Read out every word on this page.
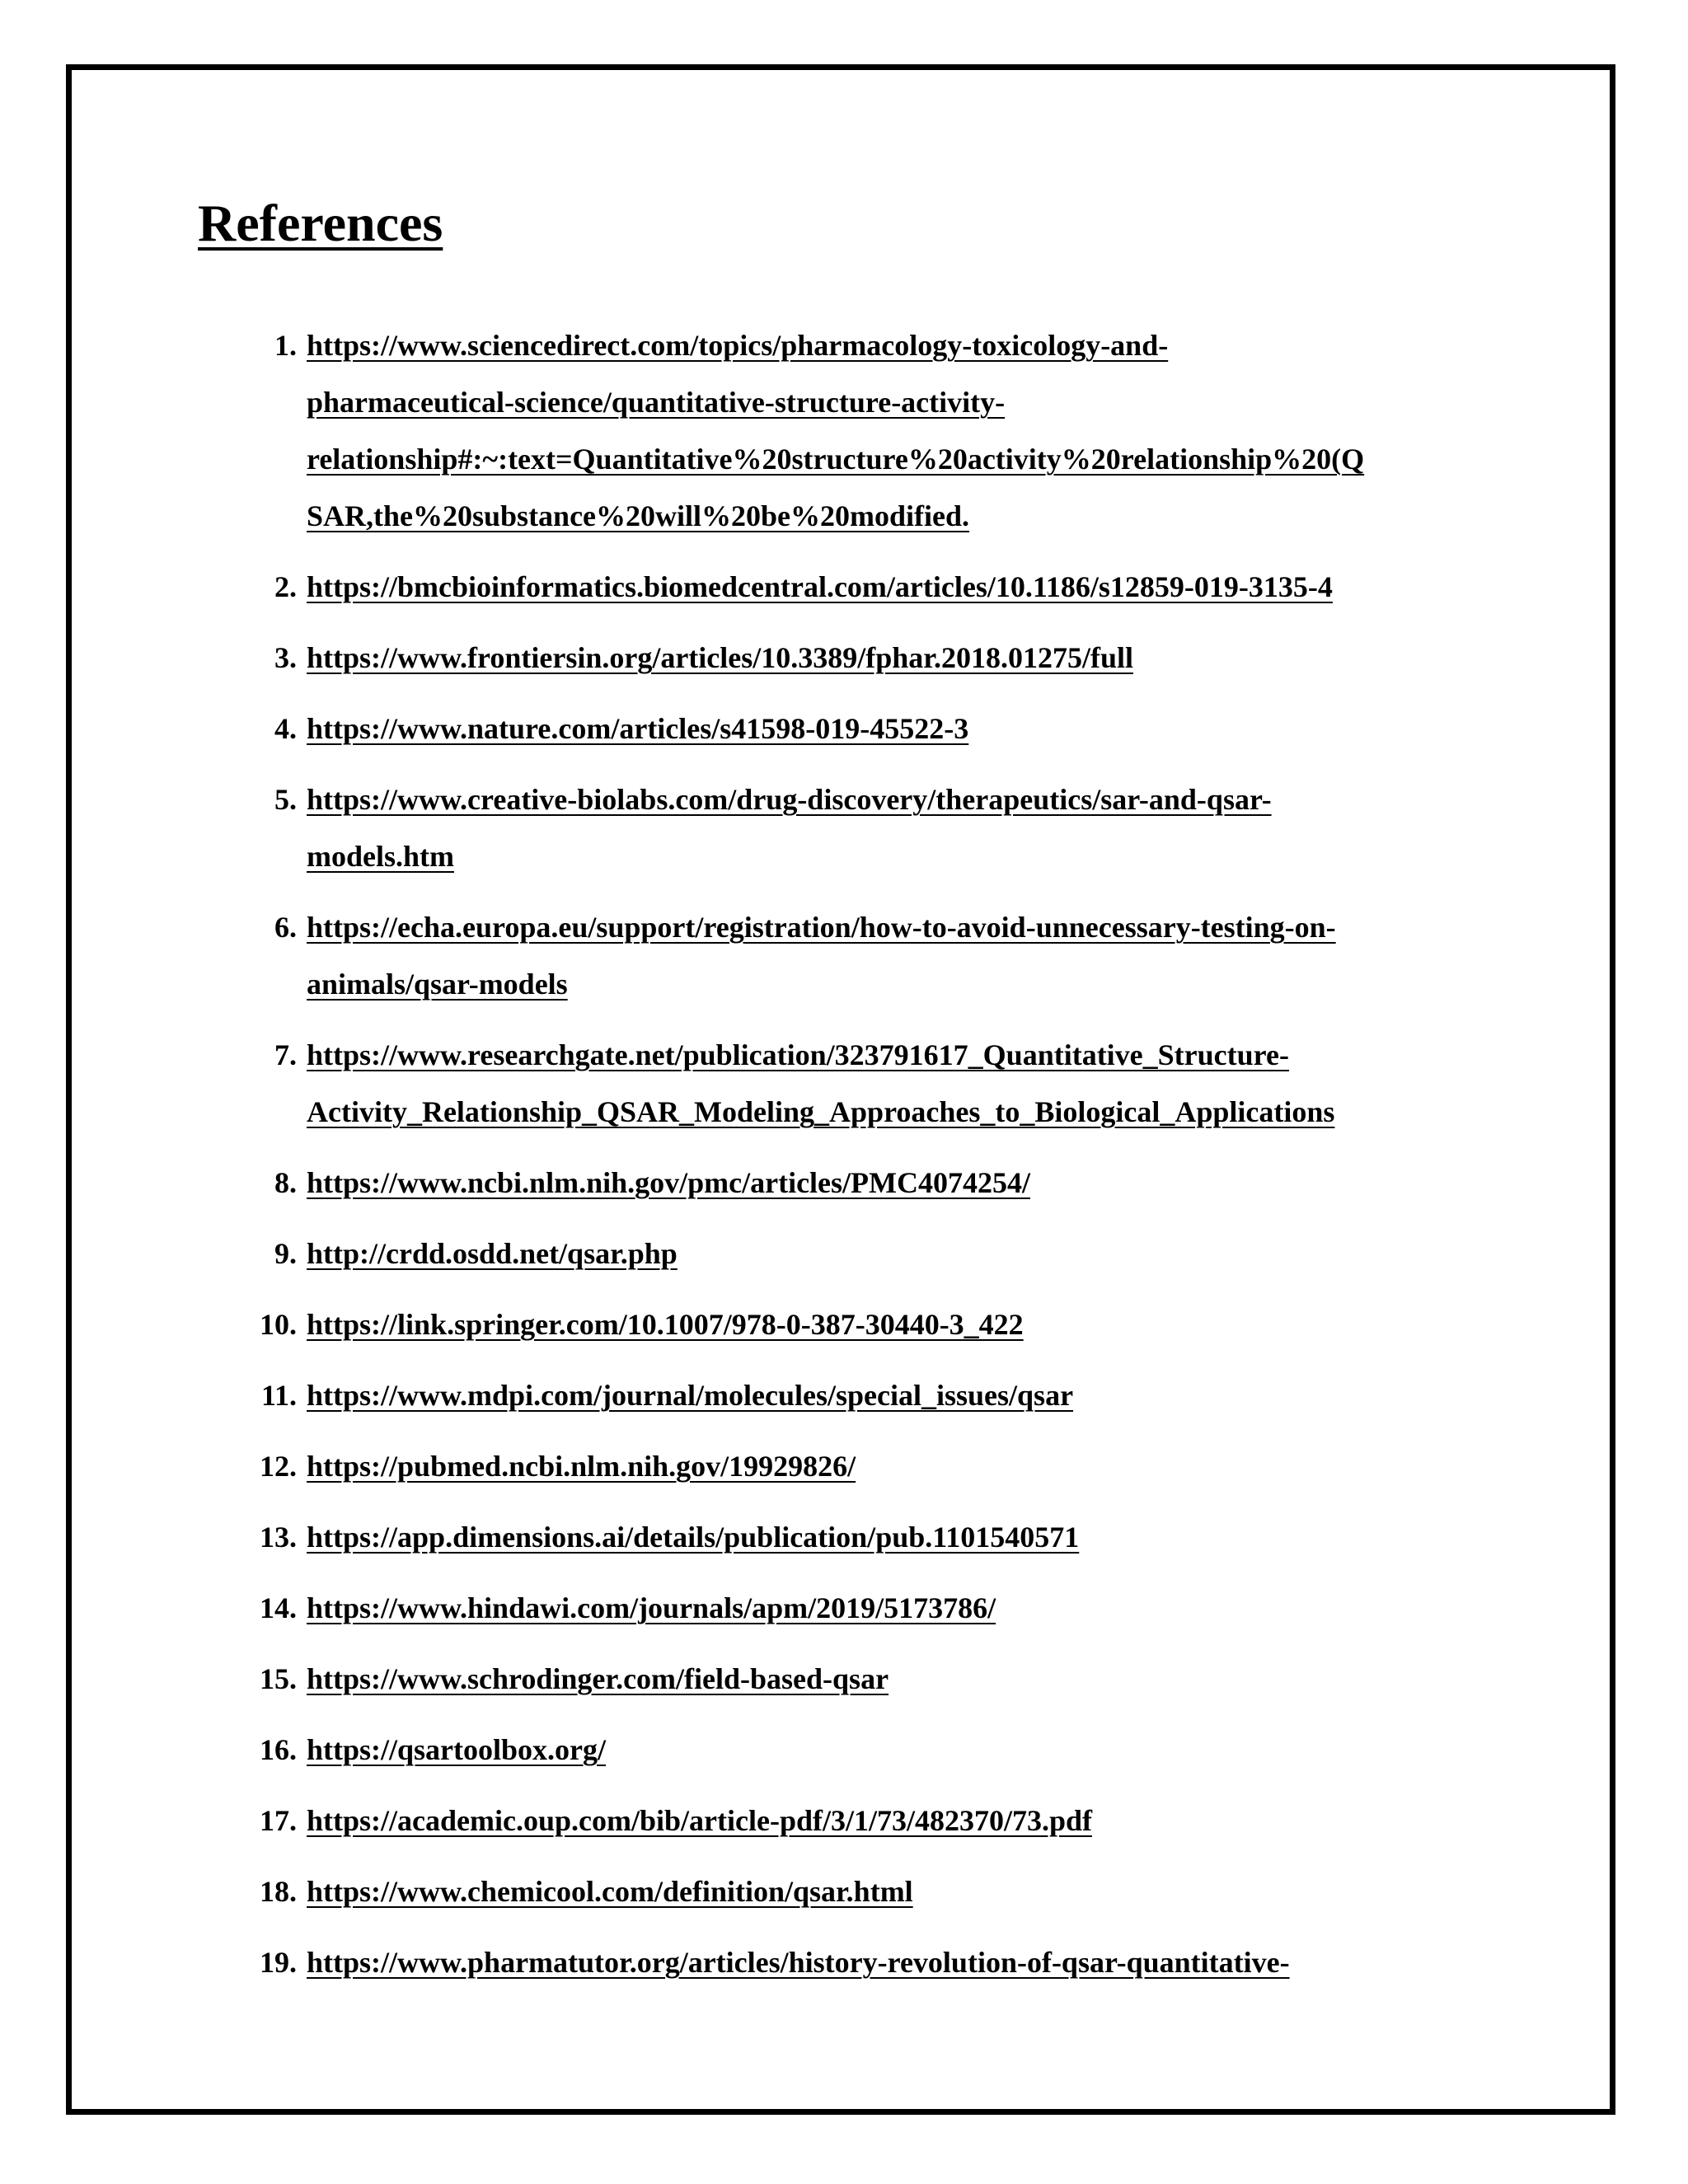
References
1. https://www.sciencedirect.com/topics/pharmacology-toxicology-and-
pharmaceutical-science/quantitative-structure-activity-
relationship#:~:text=Quantitative%20structure%20activity%20relationship%20(Q
SAR,the%20substance%20will%20be%20modified.
2. https://bmcbioinformatics.biomedcentral.com/articles/10.1186/s12859-019-3135-4
3. https://www.frontiersin.org/articles/10.3389/fphar.2018.01275/full
4. https://www.nature.com/articles/s41598-019-45522-3
5. https://www.creative-biolabs.com/drug-discovery/therapeutics/sar-and-qsar-
models.htm
6. https://echa.europa.eu/support/registration/how-to-avoid-unnecessary-testing-on-
animals/qsar-models
7. https://www.researchgate.net/publication/323791617_Quantitative_Structure-
Activity_Relationship_QSAR_Modeling_Approaches_to_Biological_Applications
8. https://www.ncbi.nlm.nih.gov/pmc/articles/PMC4074254/
9. http://crdd.osdd.net/qsar.php
10. https://link.springer.com/10.1007/978-0-387-30440-3_422
11. https://www.mdpi.com/journal/molecules/special_issues/qsar
12. https://pubmed.ncbi.nlm.nih.gov/19929826/
13. https://app.dimensions.ai/details/publication/pub.1101540571
14. https://www.hindawi.com/journals/apm/2019/5173786/
15. https://www.schrodinger.com/field-based-qsar
16. https://qsartoolbox.org/
17. https://academic.oup.com/bib/article-pdf/3/1/73/482370/73.pdf
18. https://www.chemicool.com/definition/qsar.html
19. https://www.pharmatutor.org/articles/history-revolution-of-qsar-quantitative-
